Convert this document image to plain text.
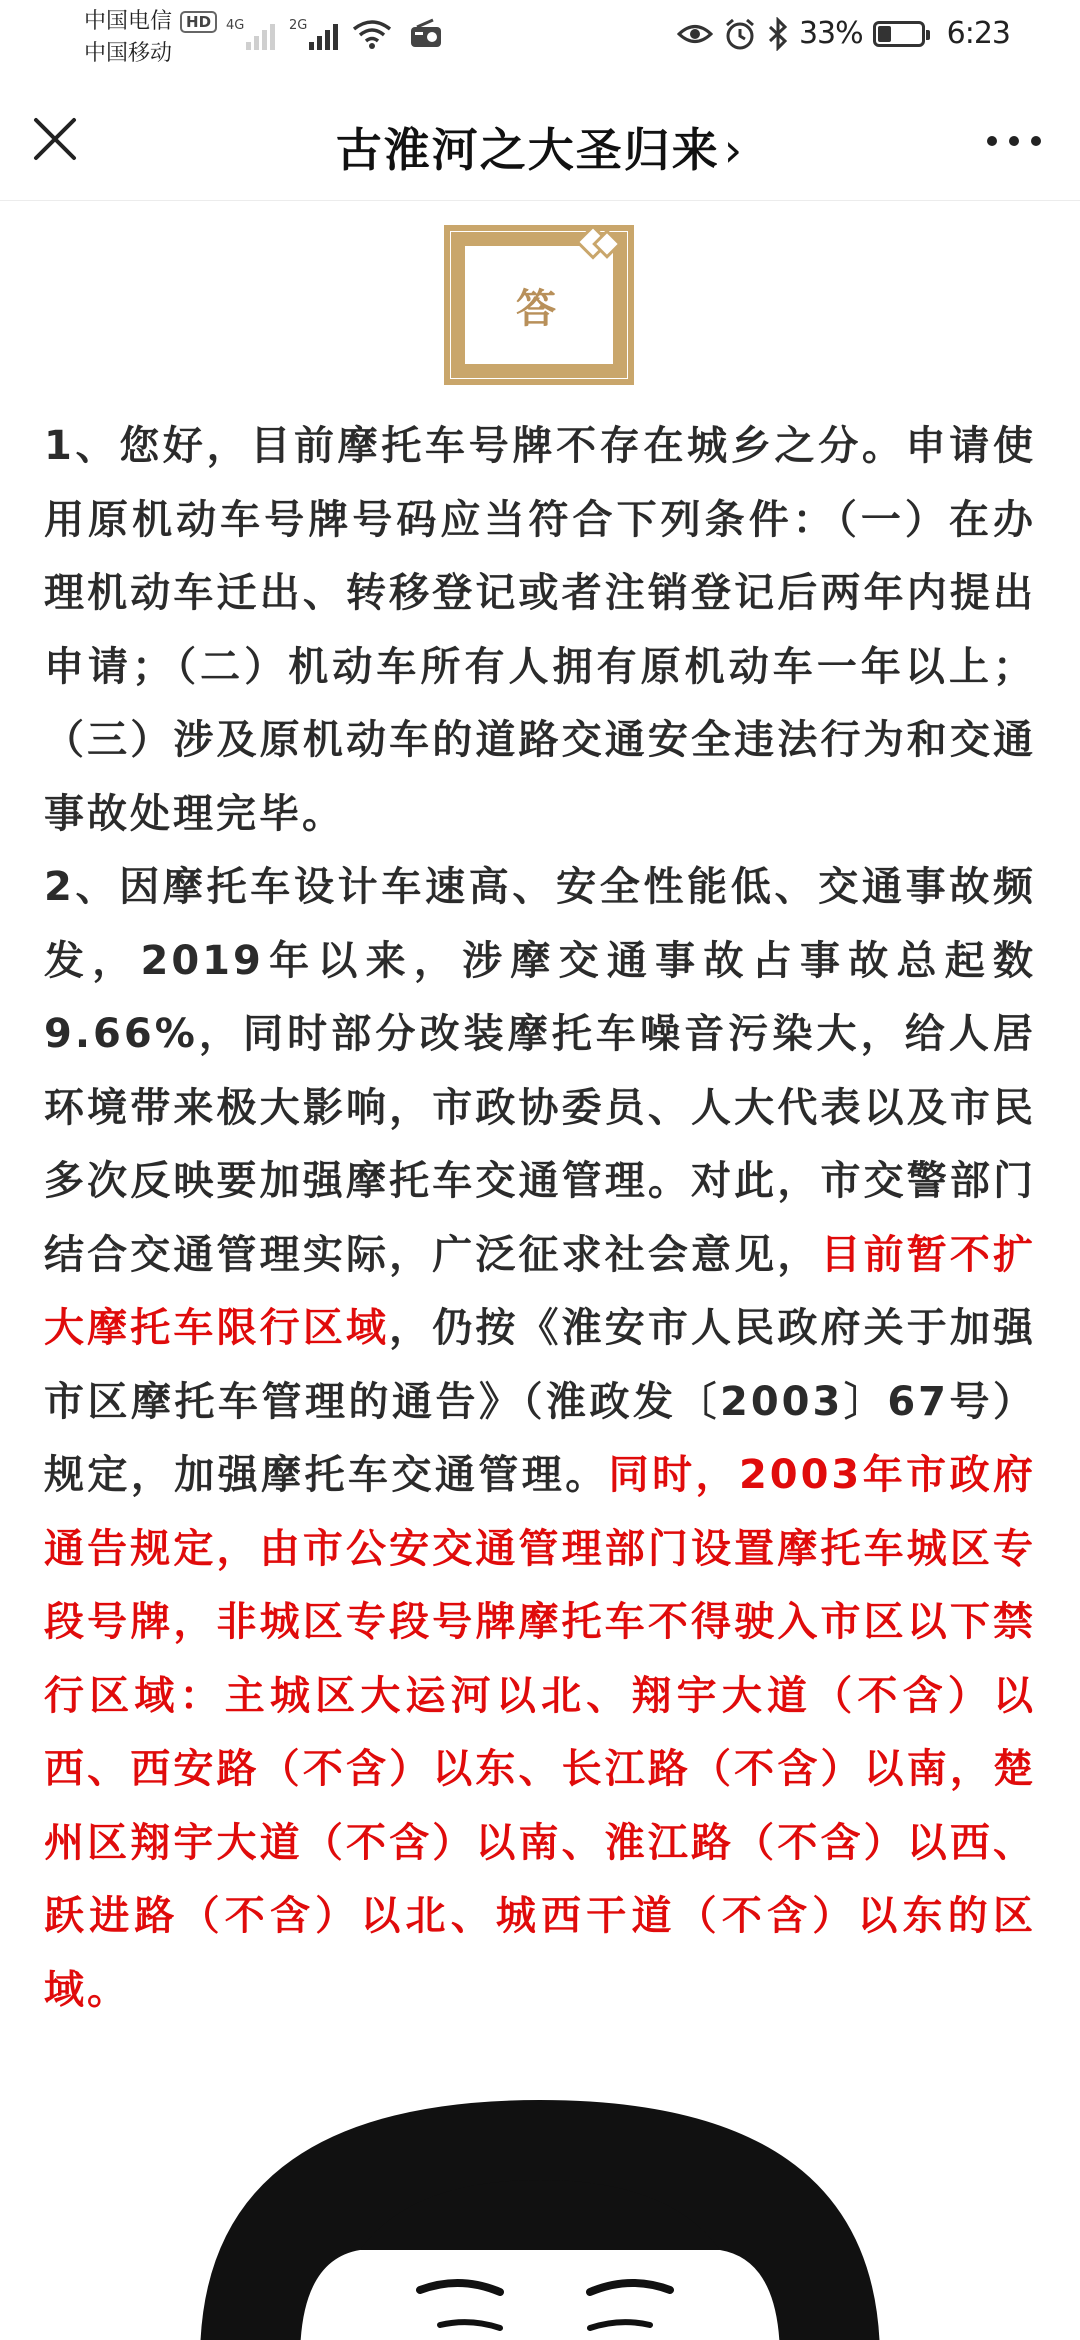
中国电信 HD
中国移动
4G	2G	33%	6:23
古淮河之大圣归来›
答

1、您好，目前摩托车号牌不存在城乡之分。申请使用原机动车号牌号码应当符合下列条件：（一）在办理机动车迁出、转移登记或者注销登记后两年内提出申请；（二）机动车所有人拥有原机动车一年以上；（三）涉及原机动车的道路交通安全违法行为和交通事故处理完毕。

2、因摩托车设计车速高、安全性能低、交通事故频发，2019年以来，涉摩交通事故占事故总起数9.66%，同时部分改装摩托车噪音污染大，给人居环境带来极大影响，市政协委员、人大代表以及市民多次反映要加强摩托车交通管理。对此，市交警部门结合交通管理实际，广泛征求社会意见，目前暂不扩大摩托车限行区域，仍按《淮安市人民政府关于加强市区摩托车管理的通告》（淮政发〔2003〕67号）规定，加强摩托车交通管理。同时，2003年市政府通告规定，由市公安交通管理部门设置摩托车城区专段号牌，非城区专段号牌摩托车不得驶入市区以下禁行区域：主城区大运河以北、翔宇大道（不含）以西、西安路（不含）以东、长江路（不含）以南，楚州区翔宇大道（不含）以南、淮江路（不含）以西、跃进路（不含）以北、城西干道（不含）以东的区域。
